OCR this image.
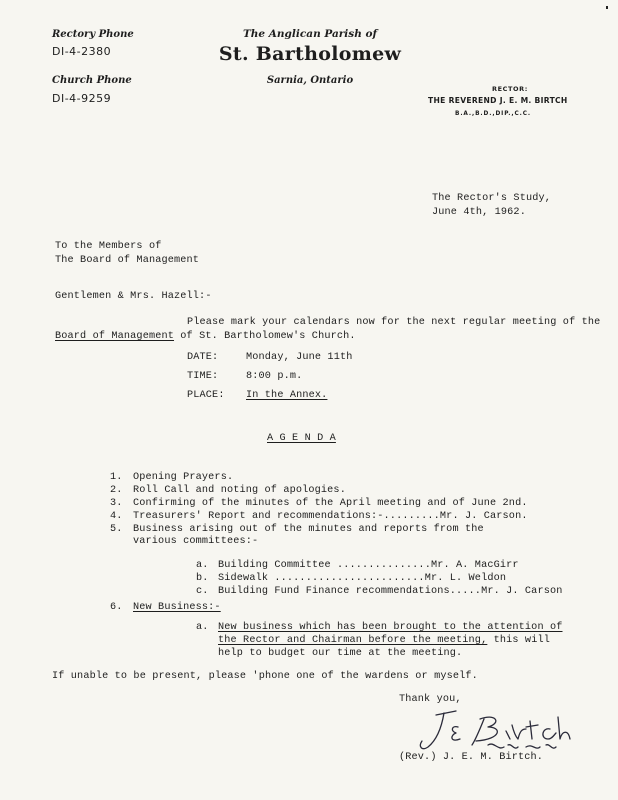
Rectory Phone
DI-4-2380
Church Phone
DI-4-9259
The Anglican Parish of
St. Bartholomew
Sarnia, Ontario
RECTOR:
THE REVEREND J. E. M. BIRTCH
B.A.,B.D.,DIP.,C.C.
The Rector's Study,
June 4th, 1962.
To the Members of
The Board of Management
Gentlemen & Mrs. Hazell:-
Please mark your calendars now for the next regular meeting of the
Board of Management of St. Bartholomew's Church.
DATE:	Monday, June 11th
TIME:	8:00 p.m.
PLACE: In the Annex.
A G E N D A
1. Opening Prayers.
2. Roll Call and noting of apologies.
3. Confirming of the minutes of the April meeting and of June 2nd.
4. Treasurers' Report and recommendations:-.........Mr. J. Carson.
5. Business arising out of the minutes and reports from the
various committees:-
a. Building Committee ...............Mr. A. MacGirr
b. Sidewalk ........................Mr. L. Weldon
c. Building Fund Finance recommendations.....Mr. J. Carson
6. New Business:-
a. New business which has been brought to the attention of
the Rector and Chairman before the meeting, this will
help to budget our time at the meeting.
If unable to be present, please 'phone one of the wardens or myself.
Thank you,
(Rev.) J. E. M. Birtch.
